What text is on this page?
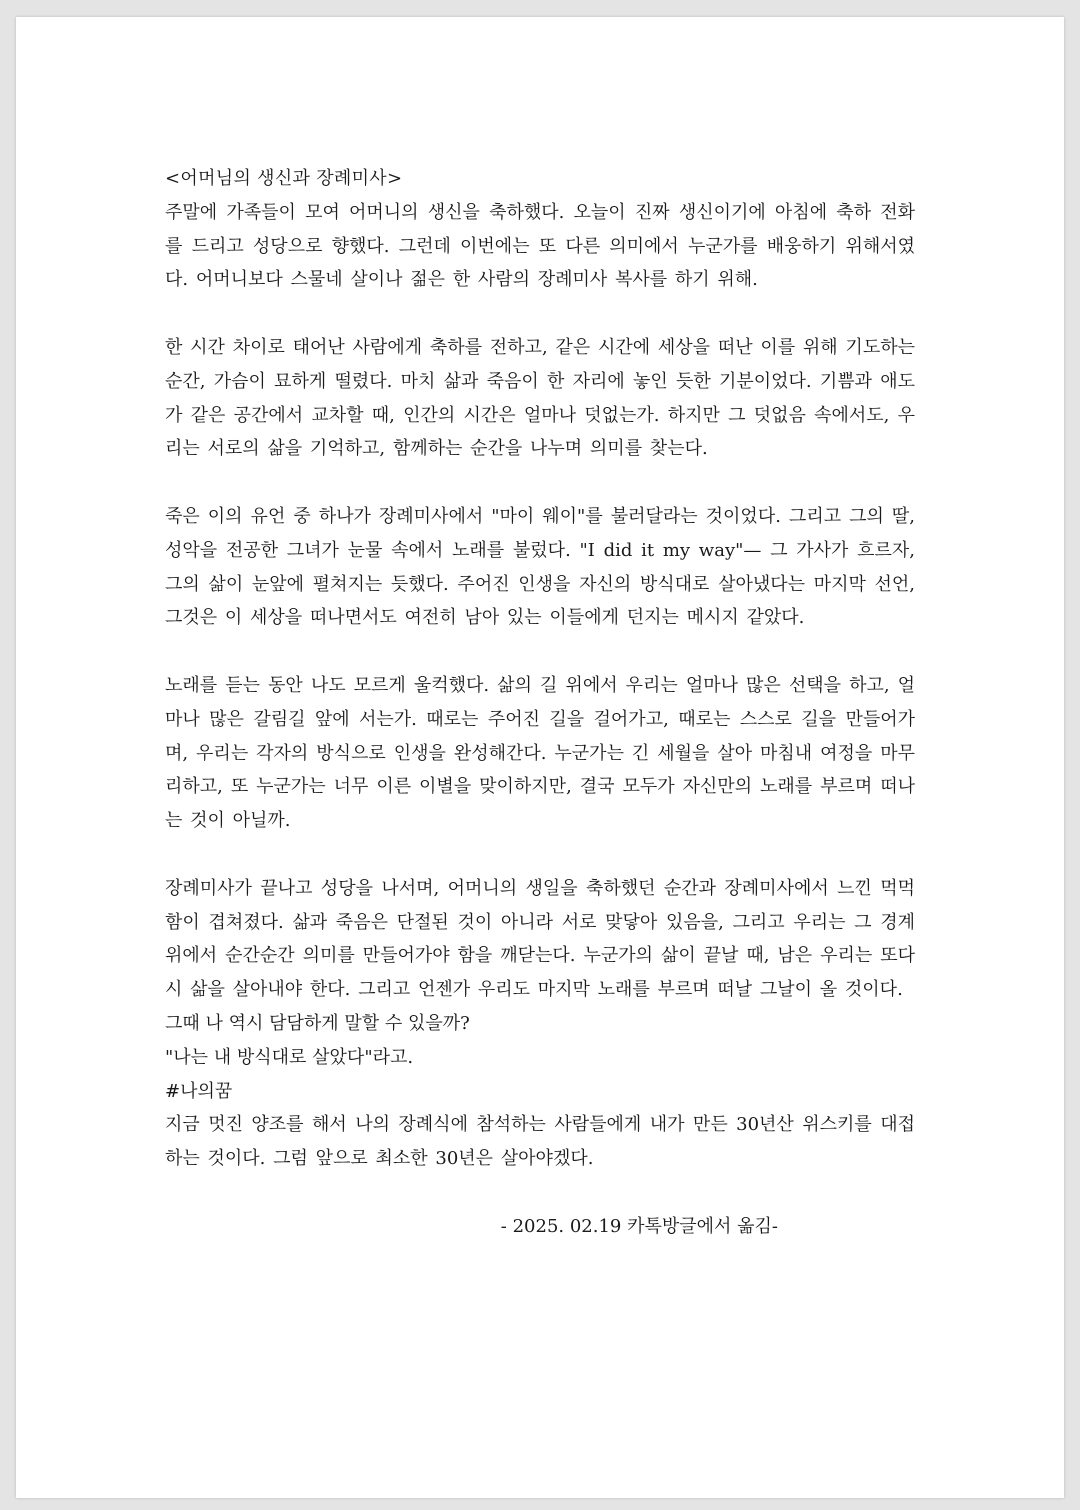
<어머님의 생신과 장례미사>

주말에 가족들이 모여 어머니의 생신을 축하했다. 오늘이 진짜 생신이기에 아침에 축하 전화를 드리고 성당으로 향했다. 그런데 이번에는 또 다른 의미에서 누군가를 배웅하기 위해서였다. 어머니보다 스물네 살이나 젊은 한 사람의 장례미사 복사를 하기 위해.

한 시간 차이로 태어난 사람에게 축하를 전하고, 같은 시간에 세상을 떠난 이를 위해 기도하는 순간, 가슴이 묘하게 떨렸다. 마치 삶과 죽음이 한 자리에 놓인 듯한 기분이었다. 기쁨과 애도가 같은 공간에서 교차할 때, 인간의 시간은 얼마나 덧없는가. 하지만 그 덧없음 속에서도, 우리는 서로의 삶을 기억하고, 함께하는 순간을 나누며 의미를 찾는다.

죽은 이의 유언 중 하나가 장례미사에서 "마이 웨이"를 불러달라는 것이었다. 그리고 그의 딸, 성악을 전공한 그녀가 눈물 속에서 노래를 불렀다. "I did it my way"— 그 가사가 흐르자, 그의 삶이 눈앞에 펼쳐지는 듯했다. 주어진 인생을 자신의 방식대로 살아냈다는 마지막 선언, 그것은 이 세상을 떠나면서도 여전히 남아 있는 이들에게 던지는 메시지 같았다.

노래를 듣는 동안 나도 모르게 울컥했다. 삶의 길 위에서 우리는 얼마나 많은 선택을 하고, 얼마나 많은 갈림길 앞에 서는가. 때로는 주어진 길을 걸어가고, 때로는 스스로 길을 만들어가며, 우리는 각자의 방식으로 인생을 완성해간다. 누군가는 긴 세월을 살아 마침내 여정을 마무리하고, 또 누군가는 너무 이른 이별을 맞이하지만, 결국 모두가 자신만의 노래를 부르며 떠나는 것이 아닐까.

장례미사가 끝나고 성당을 나서며, 어머니의 생일을 축하했던 순간과 장례미사에서 느낀 먹먹함이 겹쳐졌다. 삶과 죽음은 단절된 것이 아니라 서로 맞닿아 있음을, 그리고 우리는 그 경계 위에서 순간순간 의미를 만들어가야 함을 깨닫는다. 누군가의 삶이 끝날 때, 남은 우리는 또다시 삶을 살아내야 한다. 그리고 언젠가 우리도 마지막 노래를 부르며 떠날 그날이 올 것이다.

그때 나 역시 담담하게 말할 수 있을까?

"나는 내 방식대로 살았다"라고.

#나의꿈

지금 멋진 양조를 해서 나의 장례식에 참석하는 사람들에게 내가 만든 30년산 위스키를 대접하는 것이다. 그럼 앞으로 최소한 30년은 살아야겠다.

- 2025. 02.19 카톡방글에서 옮김-
